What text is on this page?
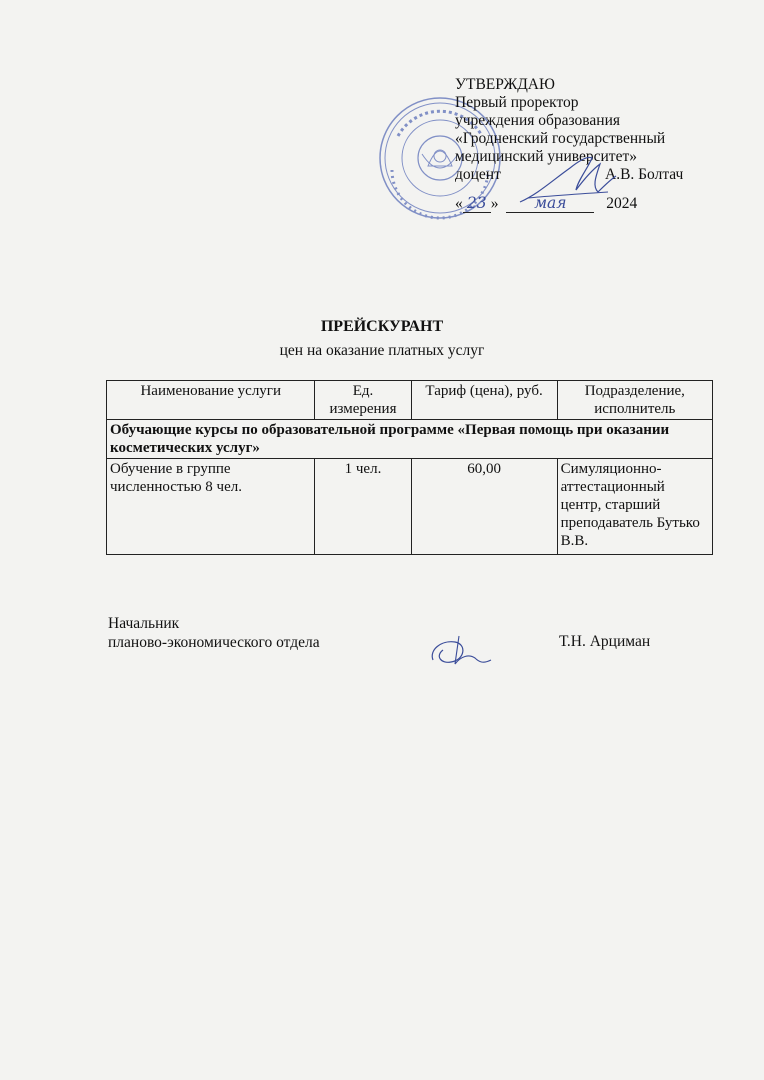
УТВЕРЖДАЮ
Первый проректор
учреждения образования
«Гродненский государственный
медицинский университет»
доцент	А.В. Болтач
« 23 » мая	2024
ПРЕЙСКУРАНТ
цен на оказание платных услуг
Наименование услуги	Ед. измерения	Тариф (цена), руб.	Подразделение, исполнитель
Обучающие курсы по образовательной программе «Первая помощь при оказании косметических услуг»			
Обучение в группе численностью 8 чел.	1 чел.	60,00	Симуляционно-аттестационный центр, старший преподаватель Бутько В.В.
Начальник
планово-экономического отдела	Т.Н. Арциман
